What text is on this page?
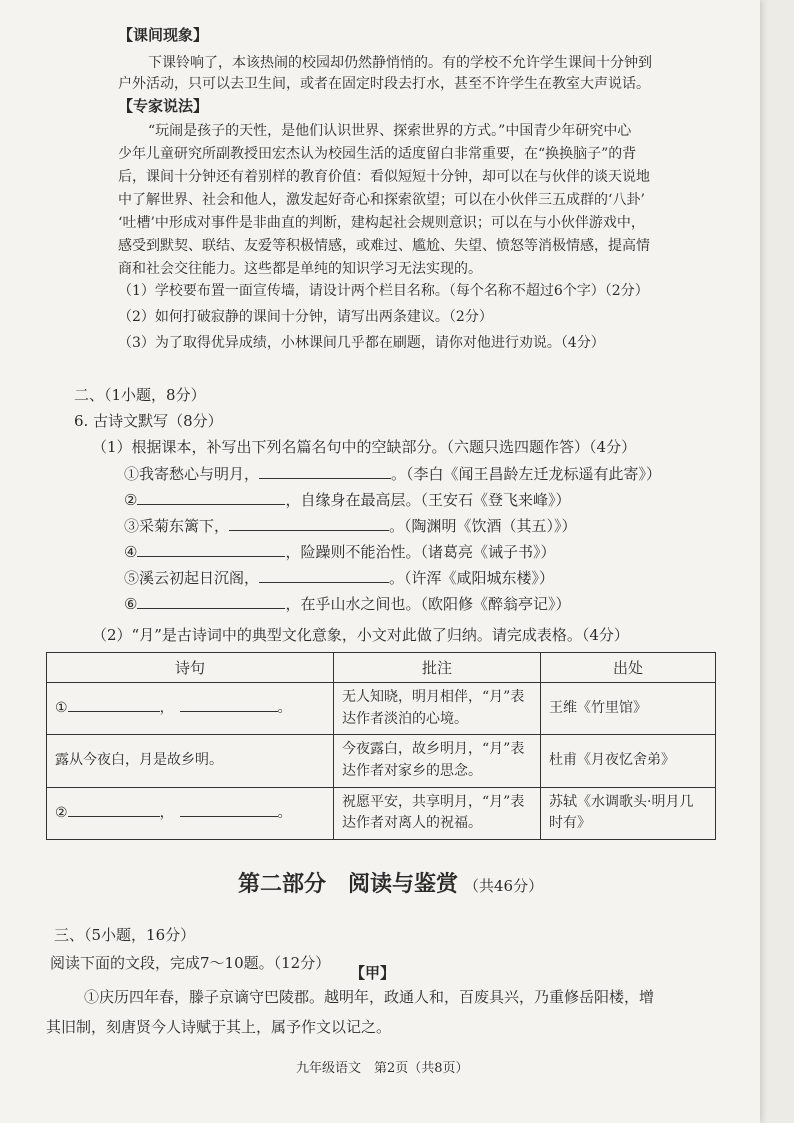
【课间现象】
下课铃响了，本该热闹的校园却仍然静悄悄的。有的学校不允许学生课间十分钟到
户外活动，只可以去卫生间，或者在固定时段去打水，甚至不许学生在教室大声说话。
【专家说法】
“玩闹是孩子的天性，是他们认识世界、探索世界的方式。”中国青少年研究中心
少年儿童研究所副教授田宏杰认为校园生活的适度留白非常重要，在“换换脑子”的背
后，课间十分钟还有着别样的教育价值：看似短短十分钟，却可以在与伙伴的谈天说地
中了解世界、社会和他人，激发起好奇心和探索欲望；可以在小伙伴三五成群的‘八卦’
‘吐槽’中形成对事件是非曲直的判断，建构起社会规则意识；可以在与小伙伴游戏中，
感受到默契、联结、友爱等积极情感，或难过、尴尬、失望、愤怒等消极情感，提高情
商和社会交往能力。这些都是单纯的知识学习无法实现的。
（1）学校要布置一面宣传墙，请设计两个栏目名称。（每个名称不超过6个字）（2分）
（2）如何打破寂静的课间十分钟，请写出两条建议。（2分）
（3）为了取得优异成绩，小林课间几乎都在刷题，请你对他进行劝说。（4分）
二、（1小题，8分）
6. 古诗文默写（8分）
（1）根据课本，补写出下列名篇名句中的空缺部分。（六题只选四题作答）（4分）
①我寄愁心与明月，	。（李白《闻王昌龄左迁龙标遥有此寄》）
②	，自缘身在最高层。（王安石《登飞来峰》）
③采菊东篱下，	。（陶渊明《饮酒（其五）》）
④	，险躁则不能治性。（诸葛亮《诫子书》）
⑤溪云初起日沉阁，	。（许浑《咸阳城东楼》）
⑥	，在乎山水之间也。（欧阳修《醉翁亭记》）
（2）“月”是古诗词中的典型文化意象，小文对此做了归纳。请完成表格。（4分）
诗句	批注	出处
① ， 。	无人知晓，明月相伴，“月”表达作者淡泊的心境。	王维《竹里馆》
露从今夜白，月是故乡明。	今夜露白，故乡明月，“月”表达作者对家乡的思念。	杜甫《月夜忆舍弟》
② ， 。	祝愿平安，共享明月，“月”表达作者对离人的祝福。	苏轼《水调歌头·明月几时有》
第二部分　阅读与鉴赏 （共46分）
三、（5小题，16分）
阅读下面的文段，完成7～10题。（12分）
【甲】
①庆历四年春，滕子京谪守巴陵郡。越明年，政通人和，百废具兴，乃重修岳阳楼，增
其旧制，刻唐贤今人诗赋于其上，属予作文以记之。
九年级语文　第2页（共8页）
